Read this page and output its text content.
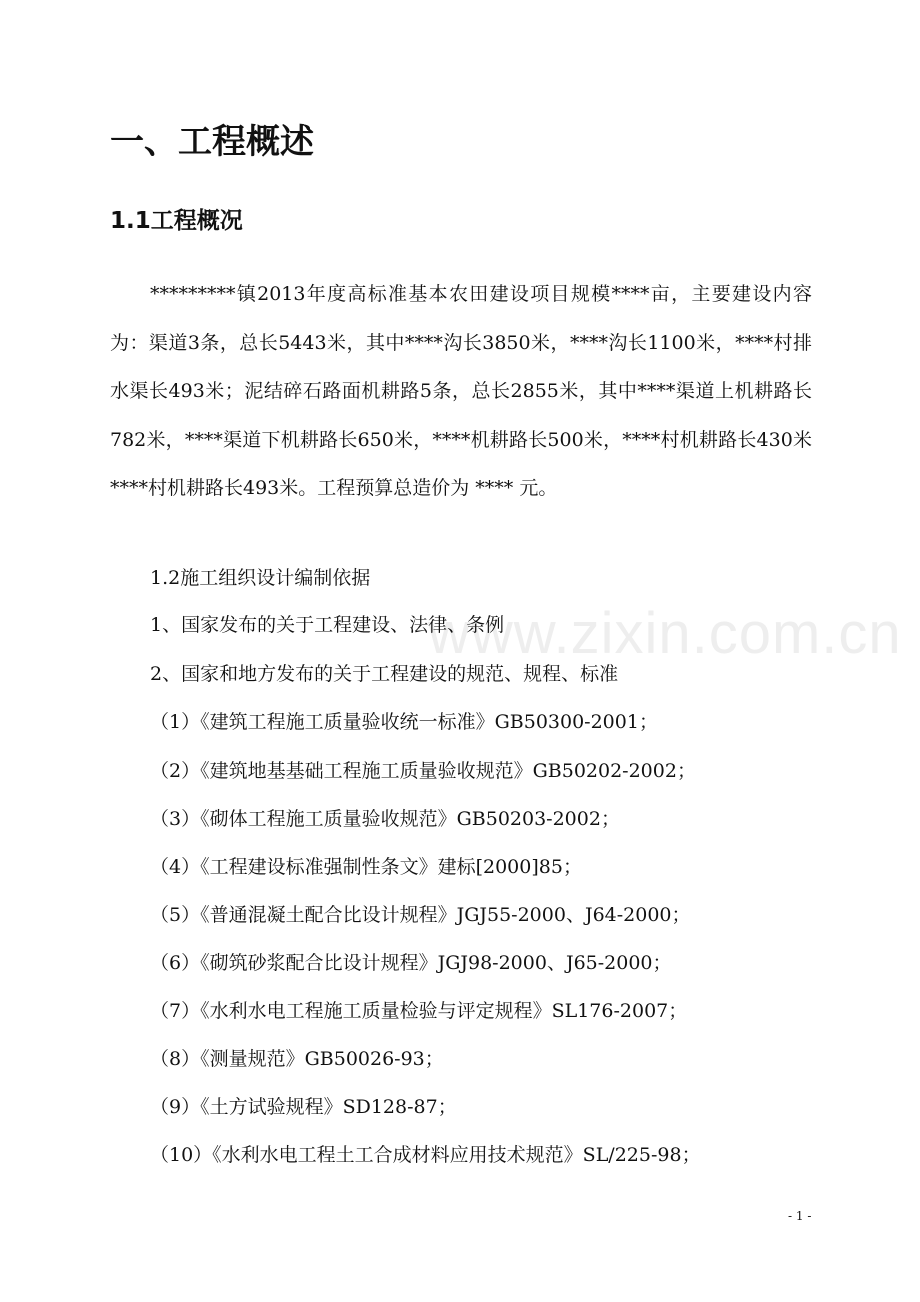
www.zixin.com.cn
一、工程概述
1.1工程概况

*********镇2013年度高标准基本农田建设项目规模****亩，主要建设内容为：渠道3条，总长5443米，其中****沟长3850米，****沟长1100米，****村排水渠长493米；泥结碎石路面机耕路5条，总长2855米，其中****渠道上机耕路长782米，****渠道下机耕路长650米，****机耕路长500米，****村机耕路长430米****村机耕路长493米。工程预算总造价为 **** 元。

1.2施工组织设计编制依据
1、国家发布的关于工程建设、法律、条例
2、国家和地方发布的关于工程建设的规范、规程、标准
（1）《建筑工程施工质量验收统一标准》GB50300-2001；
（2）《建筑地基基础工程施工质量验收规范》GB50202-2002；
（3）《砌体工程施工质量验收规范》GB50203-2002；
（4）《工程建设标准强制性条文》建标[2000]85；
（5）《普通混凝土配合比设计规程》JGJ55-2000、J64-2000；
（6）《砌筑砂浆配合比设计规程》JGJ98-2000、J65-2000；
（7）《水利水电工程施工质量检验与评定规程》SL176-2007；
（8）《测量规范》GB50026-93；
（9）《土方试验规程》SD128-87；
（10）《水利水电工程土工合成材料应用技术规范》SL/225-98；
- 1 -
